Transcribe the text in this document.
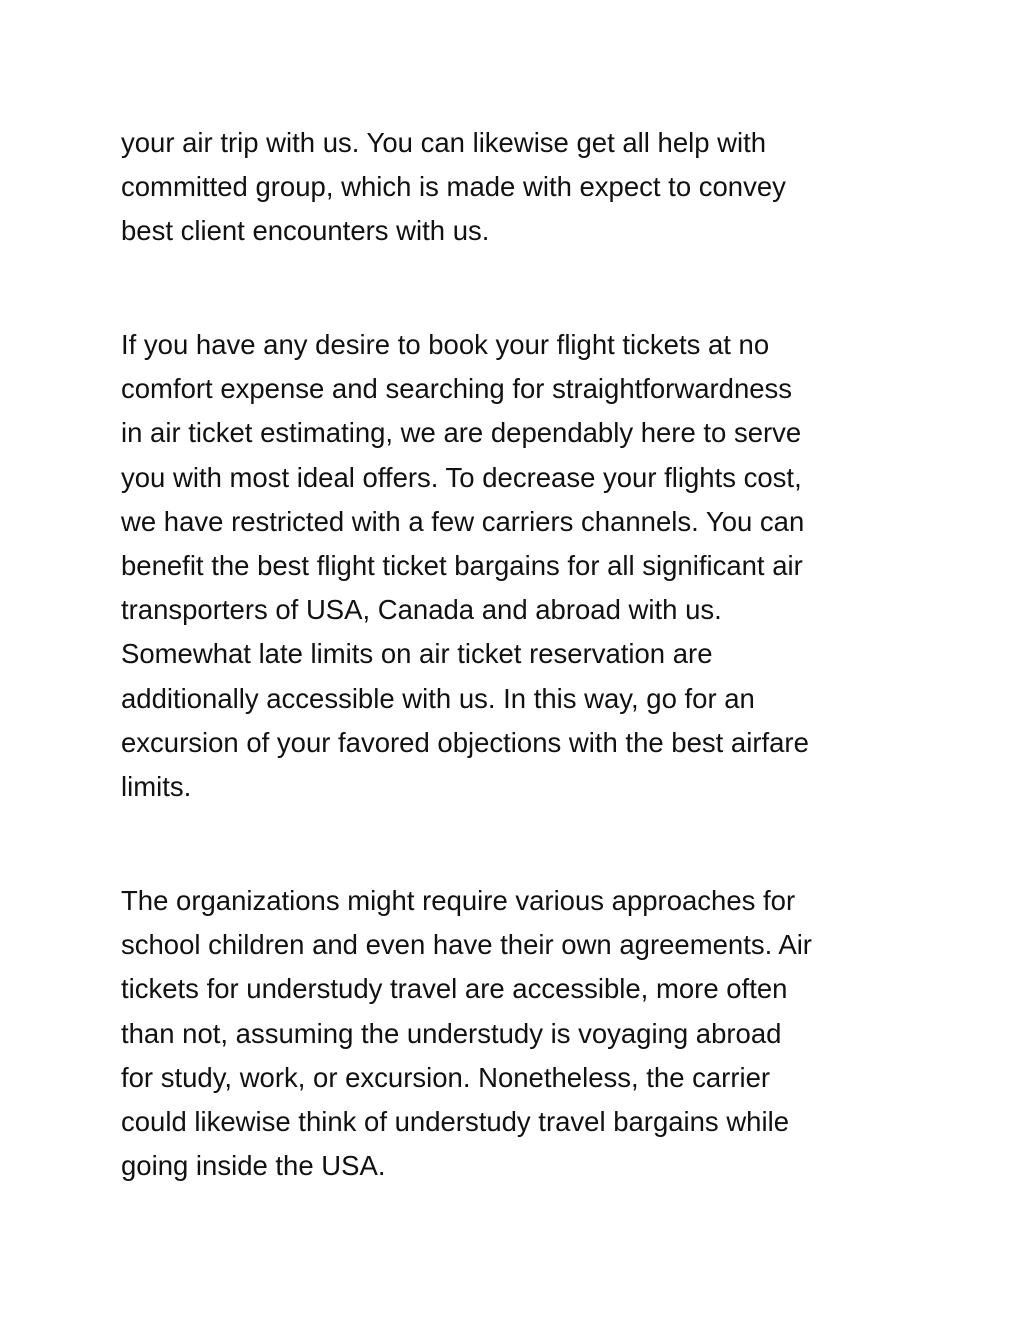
your air trip with us. You can likewise get all help with
committed group, which is made with expect to convey
best client encounters with us.

If you have any desire to book your flight tickets at no
comfort expense and searching for straightforwardness
in air ticket estimating, we are dependably here to serve
you with most ideal offers. To decrease your flights cost,
we have restricted with a few carriers channels. You can
benefit the best flight ticket bargains for all significant air
transporters of USA, Canada and abroad with us.
Somewhat late limits on air ticket reservation are
additionally accessible with us. In this way, go for an
excursion of your favored objections with the best airfare
limits.

The organizations might require various approaches for
school children and even have their own agreements. Air
tickets for understudy travel are accessible, more often
than not, assuming the understudy is voyaging abroad
for study, work, or excursion. Nonetheless, the carrier
could likewise think of understudy travel bargains while
going inside the USA.
